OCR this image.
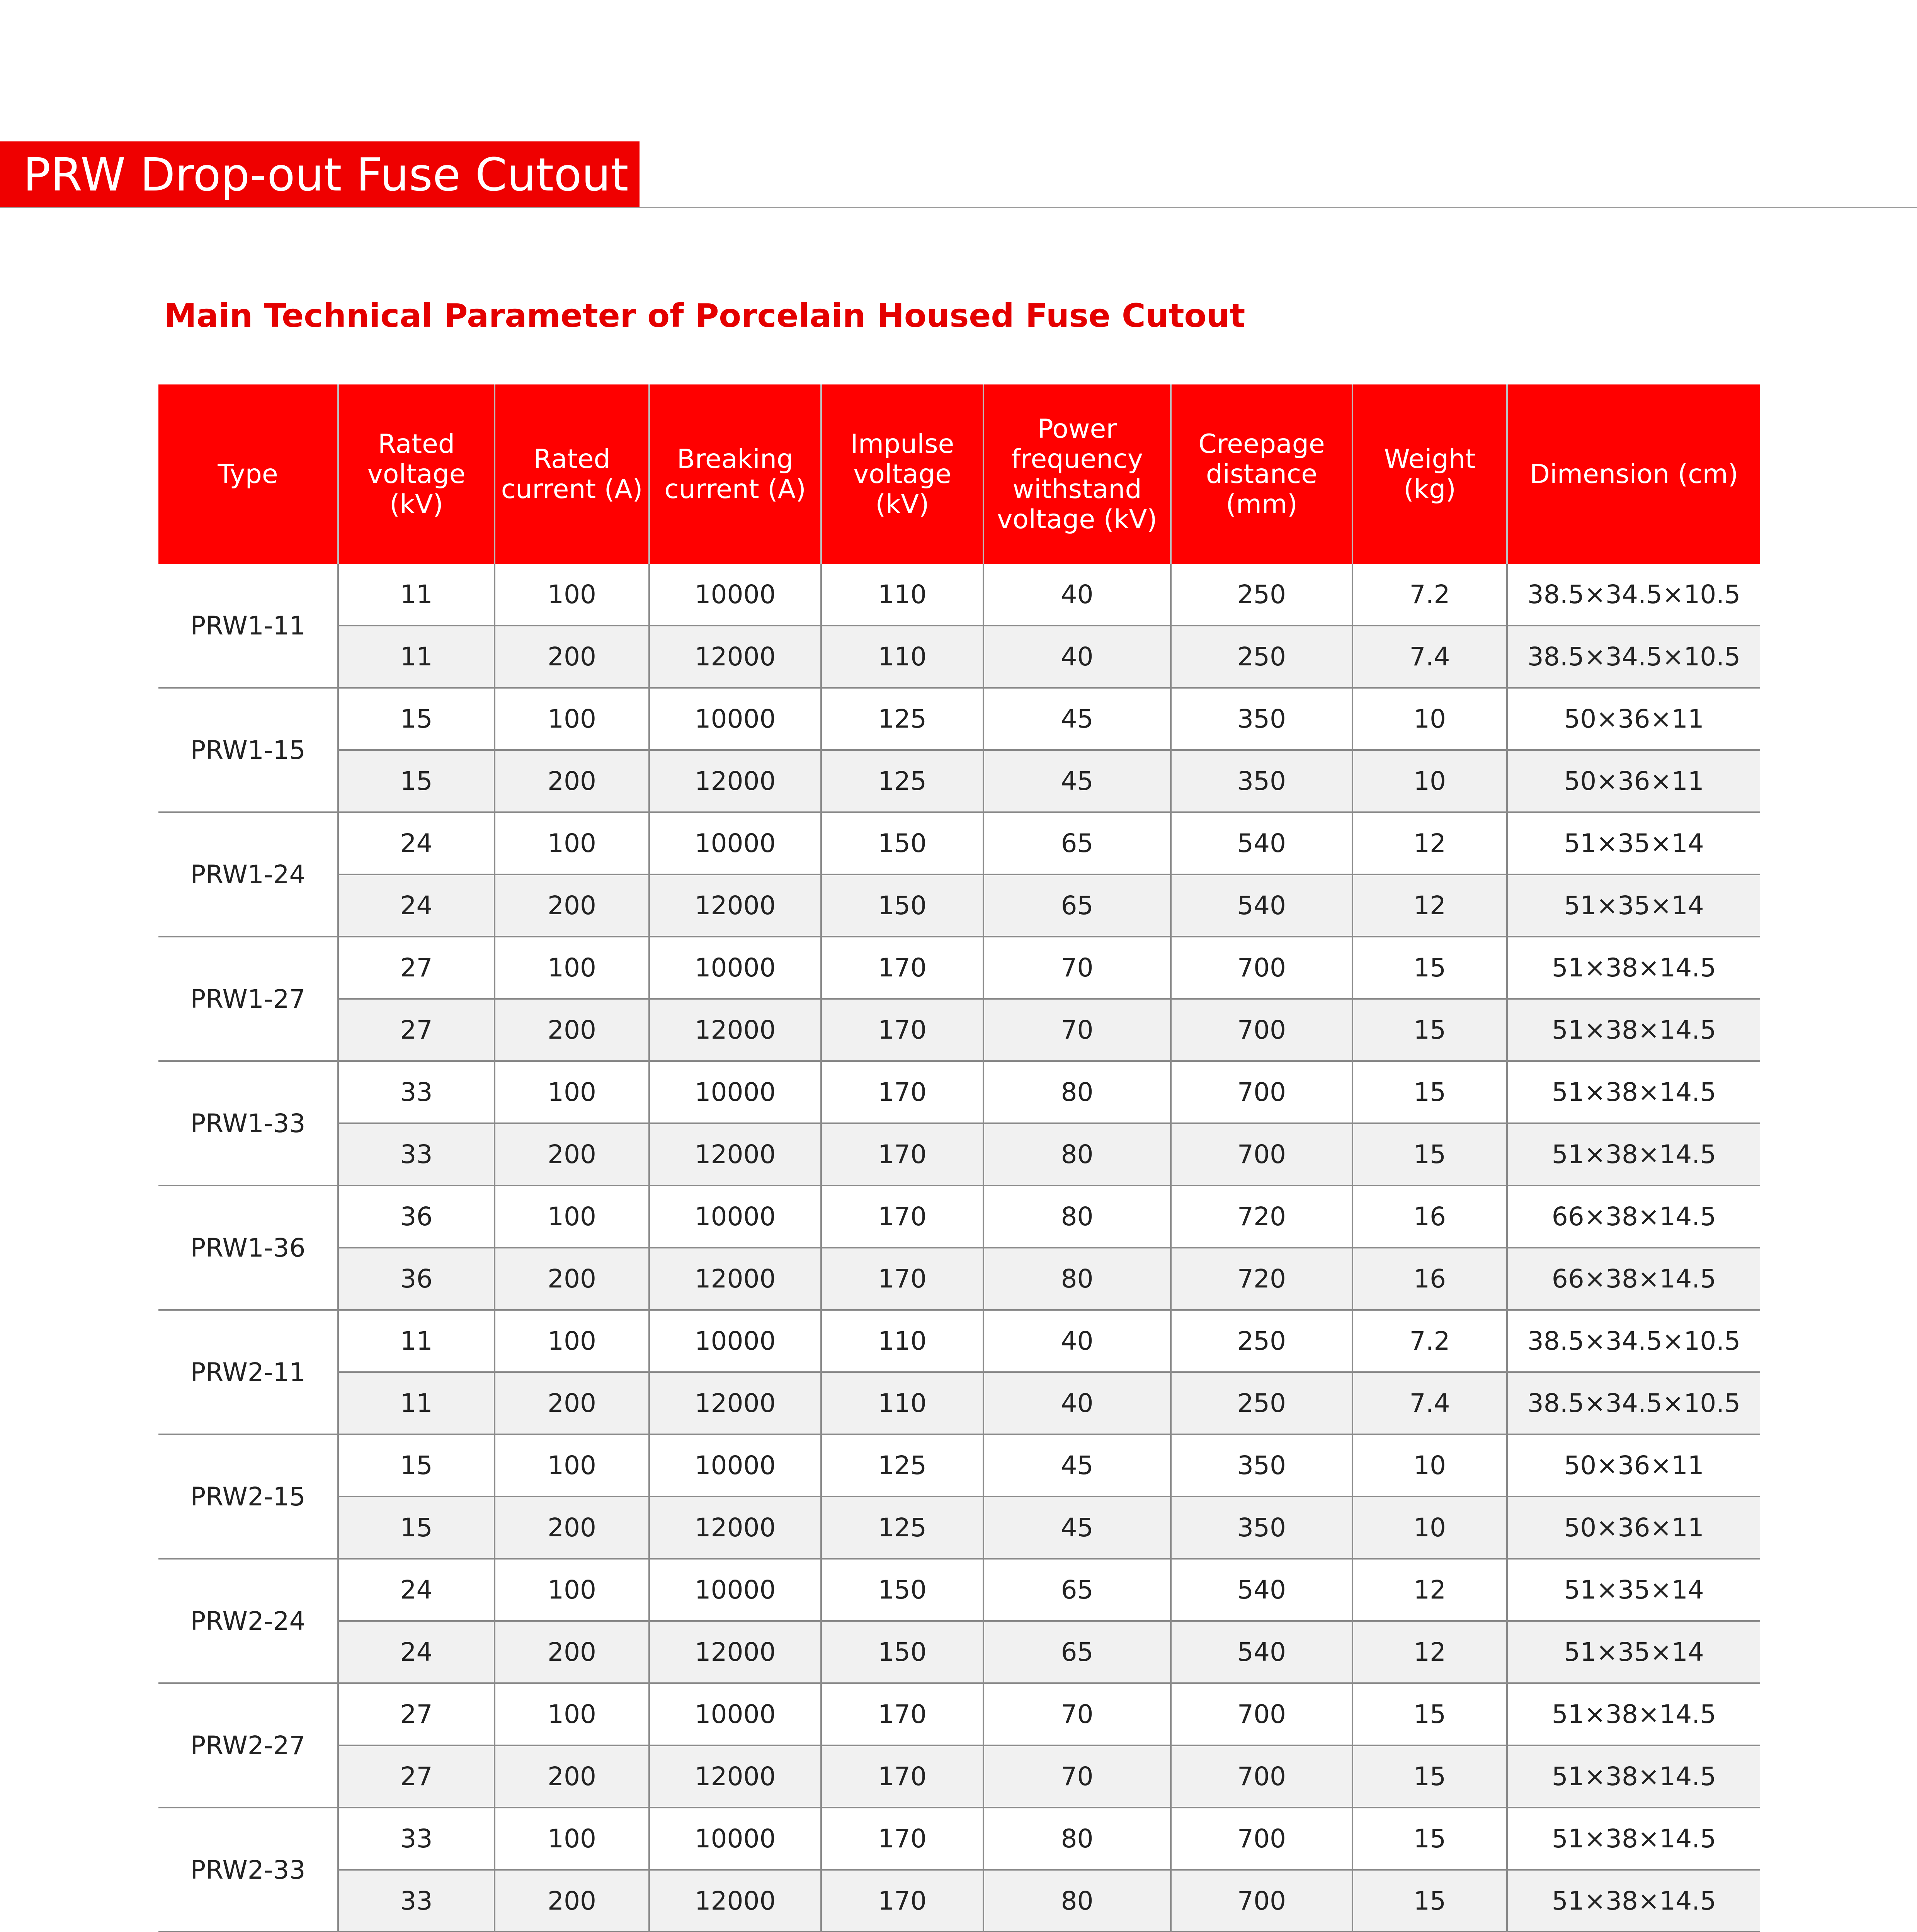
PRW Drop-out Fuse Cutout
Main Technical Parameter of Porcelain Housed Fuse Cutout
Type	Rated voltage (kV)	Rated current (A)	Breaking current (A)	Impulse voltage (kV)	Power frequency withstand voltage (kV)	Creepage distance (mm)	Weight (kg)	Dimension (cm)
PRW1-11	11	100	10000	110	40	250	7.2	38.5×34.5×10.5
	11	200	12000	110	40	250	7.4	38.5×34.5×10.5
PRW1-15	15	100	10000	125	45	350	10	50×36×11
	15	200	12000	125	45	350	10	50×36×11
PRW1-24	24	100	10000	150	65	540	12	51×35×14
	24	200	12000	150	65	540	12	51×35×14
PRW1-27	27	100	10000	170	70	700	15	51×38×14.5
	27	200	12000	170	70	700	15	51×38×14.5
PRW1-33	33	100	10000	170	80	700	15	51×38×14.5
	33	200	12000	170	80	700	15	51×38×14.5
PRW1-36	36	100	10000	170	80	720	16	66×38×14.5
	36	200	12000	170	80	720	16	66×38×14.5
PRW2-11	11	100	10000	110	40	250	7.2	38.5×34.5×10.5
	11	200	12000	110	40	250	7.4	38.5×34.5×10.5
PRW2-15	15	100	10000	125	45	350	10	50×36×11
	15	200	12000	125	45	350	10	50×36×11
PRW2-24	24	100	10000	150	65	540	12	51×35×14
	24	200	12000	150	65	540	12	51×35×14
PRW2-27	27	100	10000	170	70	700	15	51×38×14.5
	27	200	12000	170	70	700	15	51×38×14.5
PRW2-33	33	100	10000	170	80	700	15	51×38×14.5
	33	200	12000	170	80	700	15	51×38×14.5
